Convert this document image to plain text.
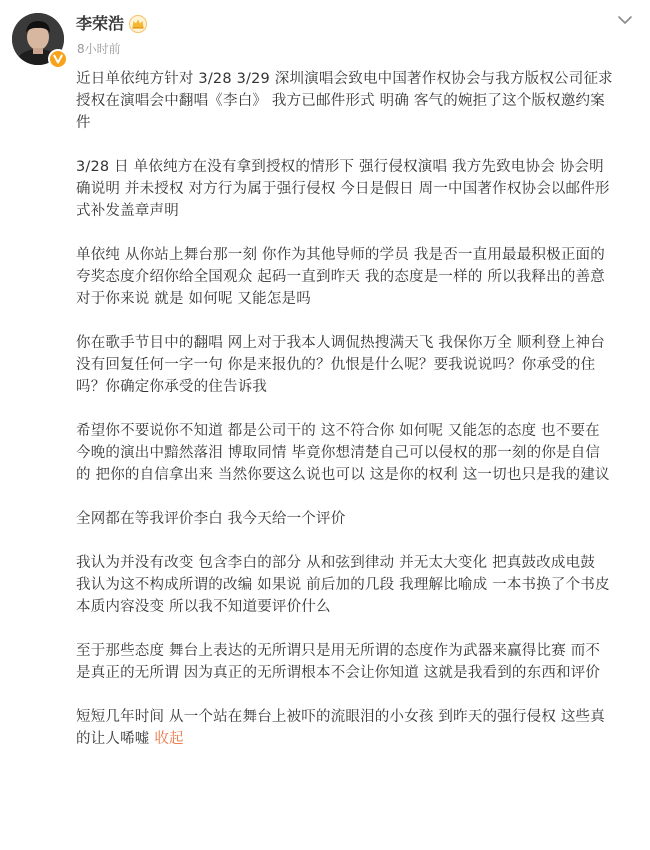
李荣浩
8小时前

近日单依纯方针对 3/28 3/29 深圳演唱会致电中国著作权协会与我方版权公司征求
授权在演唱会中翻唱《李白》 我方已邮件形式 明确 客气的婉拒了这个版权邀约案
件

3/28 日 单依纯方在没有拿到授权的情形下 强行侵权演唱 我方先致电协会 协会明
确说明 并未授权 对方行为属于强行侵权 今日是假日 周一中国著作权协会以邮件形
式补发盖章声明

单依纯 从你站上舞台那一刻 你作为其他导师的学员 我是否一直用最最积极正面的
夸奖态度介绍你给全国观众 起码一直到昨天 我的态度是一样的 所以我释出的善意
对于你来说 就是 如何呢 又能怎是吗

你在歌手节目中的翻唱 网上对于我本人调侃热搜满天飞 我保你万全 顺利登上神台
没有回复任何一字一句 你是来报仇的？仇恨是什么呢？要我说说吗？你承受的住
吗？你确定你承受的住告诉我

希望你不要说你不知道 都是公司干的 这不符合你 如何呢 又能怎的态度 也不要在
今晚的演出中黯然落泪 博取同情 毕竟你想清楚自己可以侵权的那一刻的你是自信
的 把你的自信拿出来 当然你要这么说也可以 这是你的权利 这一切也只是我的建议

全网都在等我评价李白 我今天给一个评价

我认为并没有改变 包含李白的部分 从和弦到律动 并无太大变化 把真鼓改成电鼓
我认为这不构成所谓的改编 如果说 前后加的几段 我理解比喻成 一本书换了个书皮
本质内容没变 所以我不知道要评价什么

至于那些态度 舞台上表达的无所谓只是用无所谓的态度作为武器来赢得比赛 而不
是真正的无所谓 因为真正的无所谓根本不会让你知道 这就是我看到的东西和评价

短短几年时间 从一个站在舞台上被吓的流眼泪的小女孩 到昨天的强行侵权 这些真
的让人唏嘘 收起
